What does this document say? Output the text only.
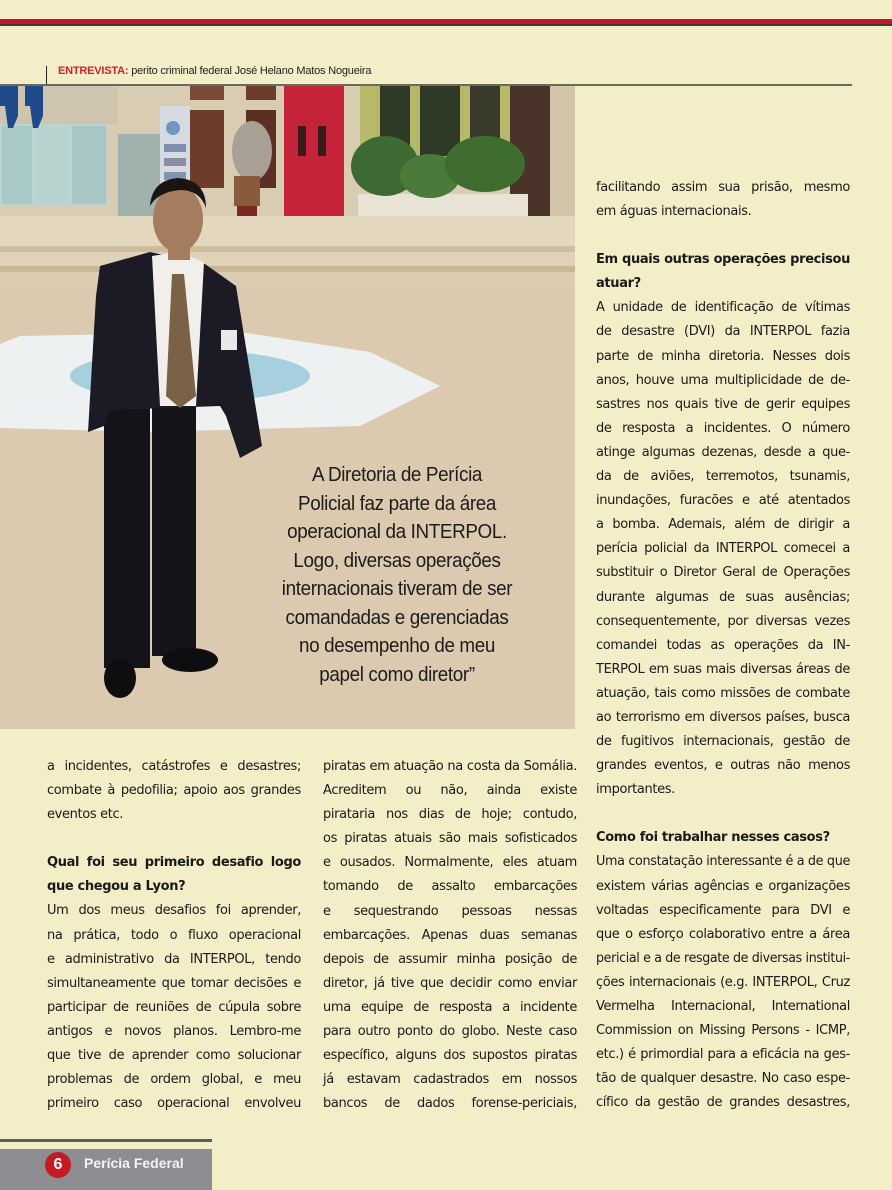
ENTREVISTA: perito criminal federal José Helano Matos Nogueira
A Diretoria de Perícia
Policial faz parte da área
operacional da INTERPOL.
Logo, diversas operações
internacionais tiveram de ser
comandadas e gerenciadas
no desempenho de meu
papel como diretor”
a incidentes, catástrofes e desastres;
combate à pedofilia; apoio aos grandes
eventos etc.
Qual foi seu primeiro desafio logo
que chegou a Lyon?
Um dos meus desafios foi aprender,
na prática, todo o fluxo operacional
e administrativo da INTERPOL, tendo
simultaneamente que tomar decisões e
participar de reuniões de cúpula sobre
antigos e novos planos. Lembro-me
que tive de aprender como solucionar
problemas de ordem global, e meu
primeiro caso operacional envolveu
piratas em atuação na costa da Somália.
Acreditem ou não, ainda existe
pirataria nos dias de hoje; contudo,
os piratas atuais são mais sofisticados
e ousados. Normalmente, eles atuam
tomando de assalto embarcações
e sequestrando pessoas nessas
embarcações. Apenas duas semanas
depois de assumir minha posição de
diretor, já tive que decidir como enviar
uma equipe de resposta a incidente
para outro ponto do globo. Neste caso
específico, alguns dos supostos piratas
já estavam cadastrados em nossos
bancos de dados forense-periciais,
facilitando assim sua prisão, mesmo
em águas internacionais.
Em quais outras operações precisou
atuar?
A unidade de identificação de vítimas
de desastre (DVI) da INTERPOL fazia
parte de minha diretoria. Nesses dois
anos, houve uma multiplicidade de de-
sastres nos quais tive de gerir equipes
de resposta a incidentes. O número
atinge algumas dezenas, desde a que-
da de aviões, terremotos, tsunamis,
inundações, furacões e até atentados
a bomba. Ademais, além de dirigir a
perícia policial da INTERPOL comecei a
substituir o Diretor Geral de Operações
durante algumas de suas ausências;
consequentemente, por diversas vezes
comandei todas as operações da IN-
TERPOL em suas mais diversas áreas de
atuação, tais como missões de combate
ao terrorismo em diversos países, busca
de fugitivos internacionais, gestão de
grandes eventos, e outras não menos
importantes.
Como foi trabalhar nesses casos?
Uma constatação interessante é a de que
existem várias agências e organizações
voltadas especificamente para DVI e
que o esforço colaborativo entre a área
pericial e a de resgate de diversas institui-
ções internacionais (e.g. INTERPOL, Cruz
Vermelha Internacional, International
Commission on Missing Persons - ICMP,
etc.) é primordial para a eficácia na ges-
tão de qualquer desastre. No caso espe-
cífico da gestão de grandes desastres,
6	Perícia Federal
